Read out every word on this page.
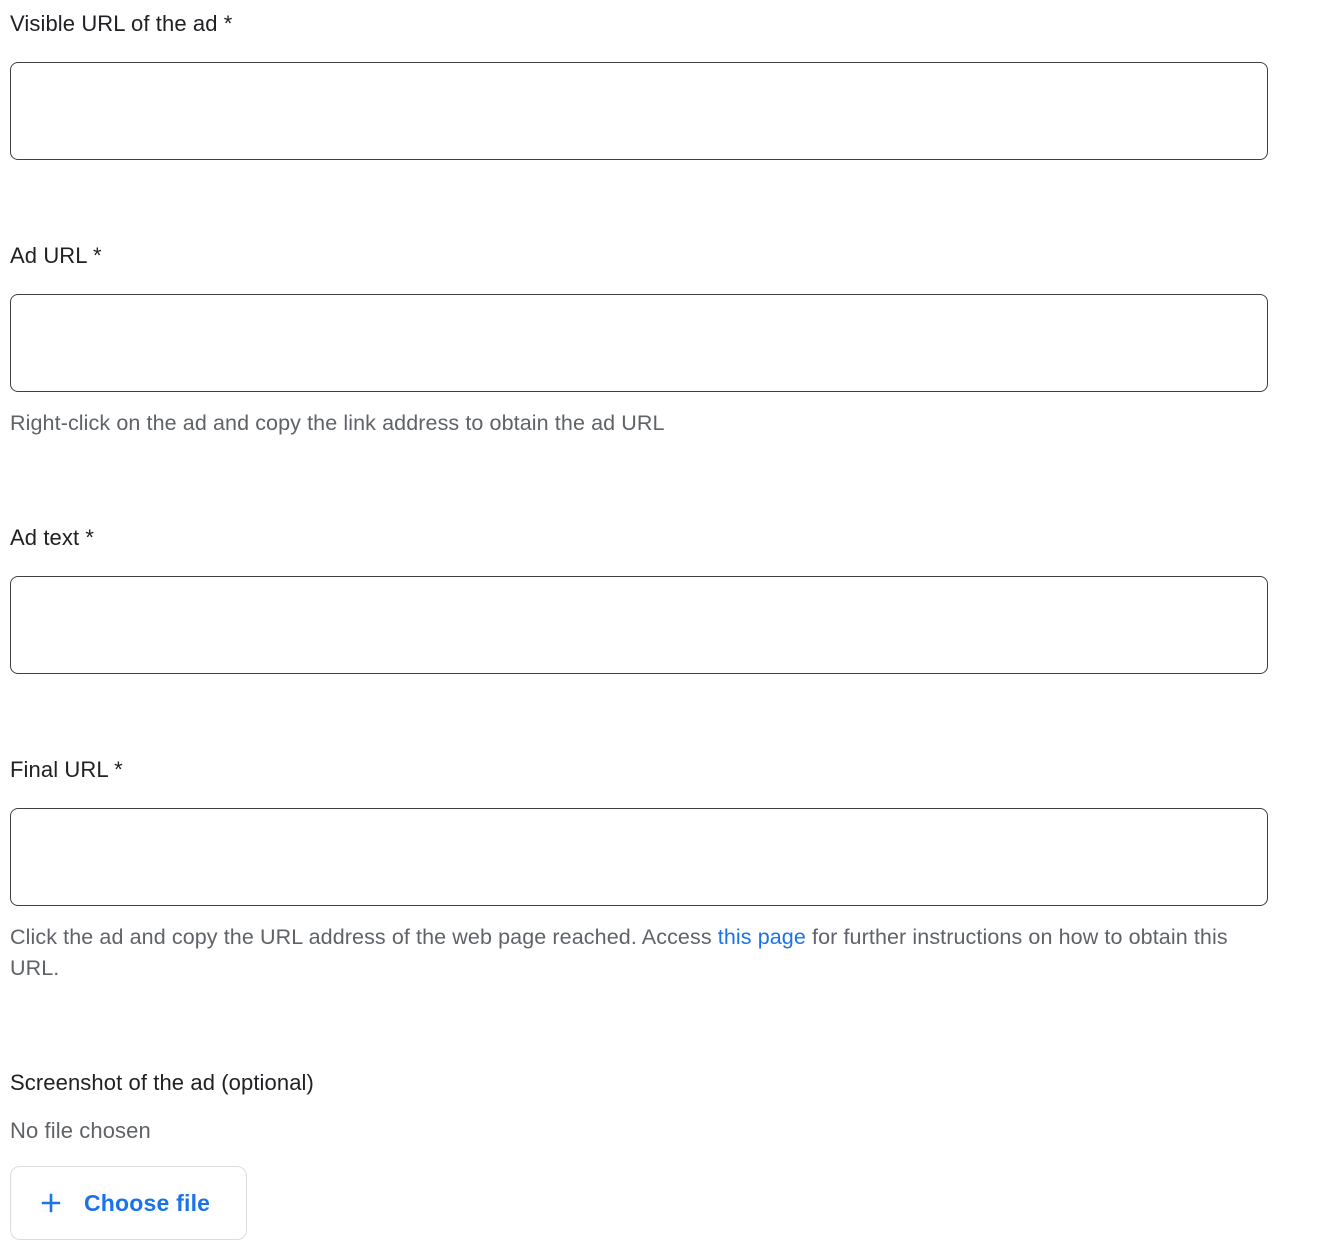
Visible URL of the ad *
Ad URL *
Right-click on the ad and copy the link address to obtain the ad URL
Ad text *
Final URL *
Click the ad and copy the URL address of the web page reached. Access this page for further instructions on how to obtain this URL.
Screenshot of the ad (optional)
No file chosen
Choose file
